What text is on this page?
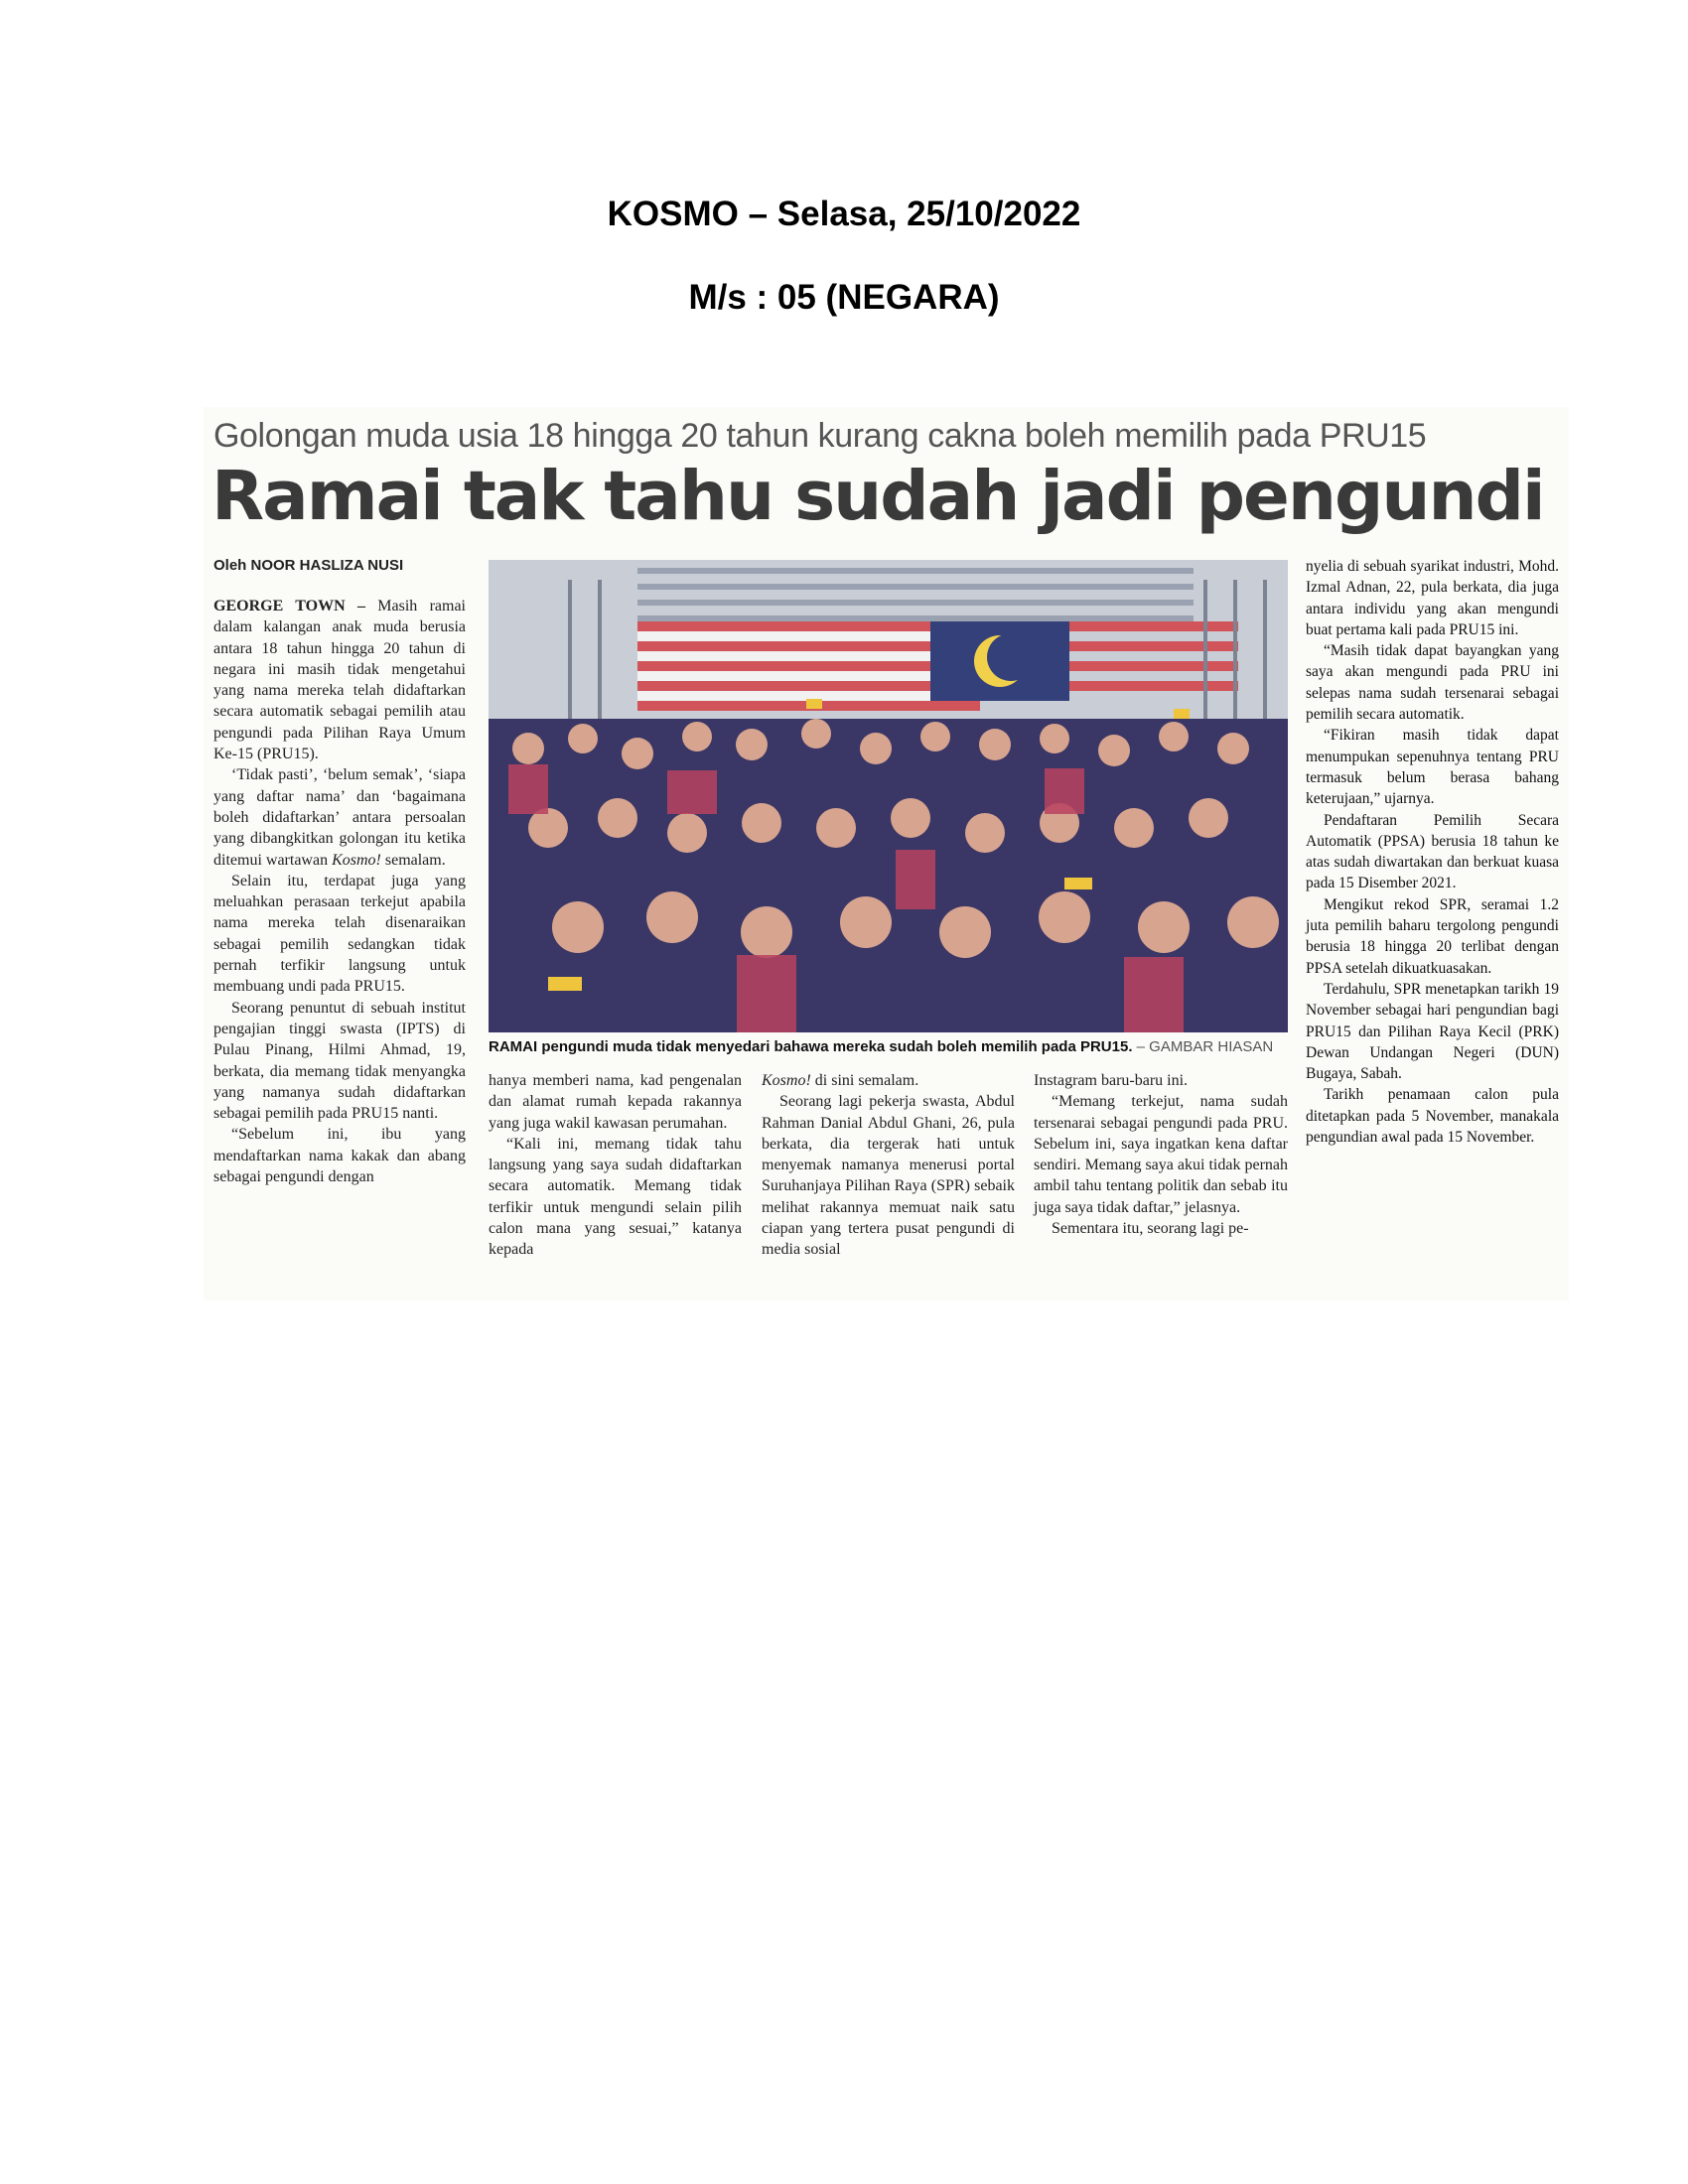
KOSMO – Selasa, 25/10/2022
M/s : 05 (NEGARA)
Golongan muda usia 18 hingga 20 tahun kurang cakna boleh memilih pada PRU15
Ramai tak tahu sudah jadi pengundi
Oleh NOOR HASLIZA NUSI

GEORGE TOWN – Masih ramai dalam kalangan anak muda berusia antara 18 tahun hingga 20 tahun di negara ini masih tidak mengetahui yang nama mereka telah didaftarkan secara automatik sebagai pemilih atau pengundi pada Pilihan Raya Umum Ke-15 (PRU15).

‘Tidak pasti’, ‘belum semak’, ‘siapa yang daftar nama’ dan ‘bagaimana boleh didaftarkan’ antara persoalan yang dibangkitkan golongan itu ketika ditemui wartawan Kosmo! semalam.

Selain itu, terdapat juga yang meluahkan perasaan terkejut apabila nama mereka telah disenaraikan sebagai pemilih sedangkan tidak pernah terfikir langsung untuk membuang undi pada PRU15.

Seorang penuntut di sebuah institut pengajian tinggi swasta (IPTS) di Pulau Pinang, Hilmi Ahmad, 19, berkata, dia memang tidak menyangka yang namanya sudah didaftarkan sebagai pemilih pada PRU15 nanti.

“Sebelum ini, ibu yang mendaftarkan nama kakak dan abang sebagai pengundi dengan

RAMAI pengundi muda tidak menyedari bahawa mereka sudah boleh memilih pada PRU15. – GAMBAR HIASAN

hanya memberi nama, kad pengenalan dan alamat rumah kepada rakannya yang juga wakil kawasan perumahan.

“Kali ini, memang tidak tahu langsung yang saya sudah didaftarkan secara automatik. Memang tidak terfikir untuk mengundi selain pilih calon mana yang sesuai,” katanya kepada

Kosmo! di sini semalam.

Seorang lagi pekerja swasta, Abdul Rahman Danial Abdul Ghani, 26, pula berkata, dia tergerak hati untuk menyemak namanya menerusi portal Suruhanjaya Pilihan Raya (SPR) sebaik melihat rakannya memuat naik satu ciapan yang tertera pusat pengundi di media sosial

Instagram baru-baru ini.

“Memang terkejut, nama sudah tersenarai sebagai pengundi pada PRU. Sebelum ini, saya ingatkan kena daftar sendiri. Memang saya akui tidak pernah ambil tahu tentang politik dan sebab itu juga saya tidak daftar,” jelasnya.

Sementara itu, seorang lagi pe-

nyelia di sebuah syarikat industri, Mohd. Izmal Adnan, 22, pula berkata, dia juga antara individu yang akan mengundi buat pertama kali pada PRU15 ini.

“Masih tidak dapat bayangkan yang saya akan mengundi pada PRU ini selepas nama sudah tersenarai sebagai pemilih secara automatik.

“Fikiran masih tidak dapat menumpukan sepenuhnya tentang PRU termasuk belum berasa bahang keterujaan,” ujarnya.

Pendaftaran Pemilih Secara Automatik (PPSA) berusia 18 tahun ke atas sudah diwartakan dan berkuat kuasa pada 15 Disember 2021.

Mengikut rekod SPR, seramai 1.2 juta pemilih baharu tergolong pengundi berusia 18 hingga 20 terlibat dengan PPSA setelah dikuatkuasakan.

Terdahulu, SPR menetapkan tarikh 19 November sebagai hari pengundian bagi PRU15 dan Pilihan Raya Kecil (PRK) Dewan Undangan Negeri (DUN) Bugaya, Sabah.

Tarikh penamaan calon pula ditetapkan pada 5 November, manakala pengundian awal pada 15 November.
